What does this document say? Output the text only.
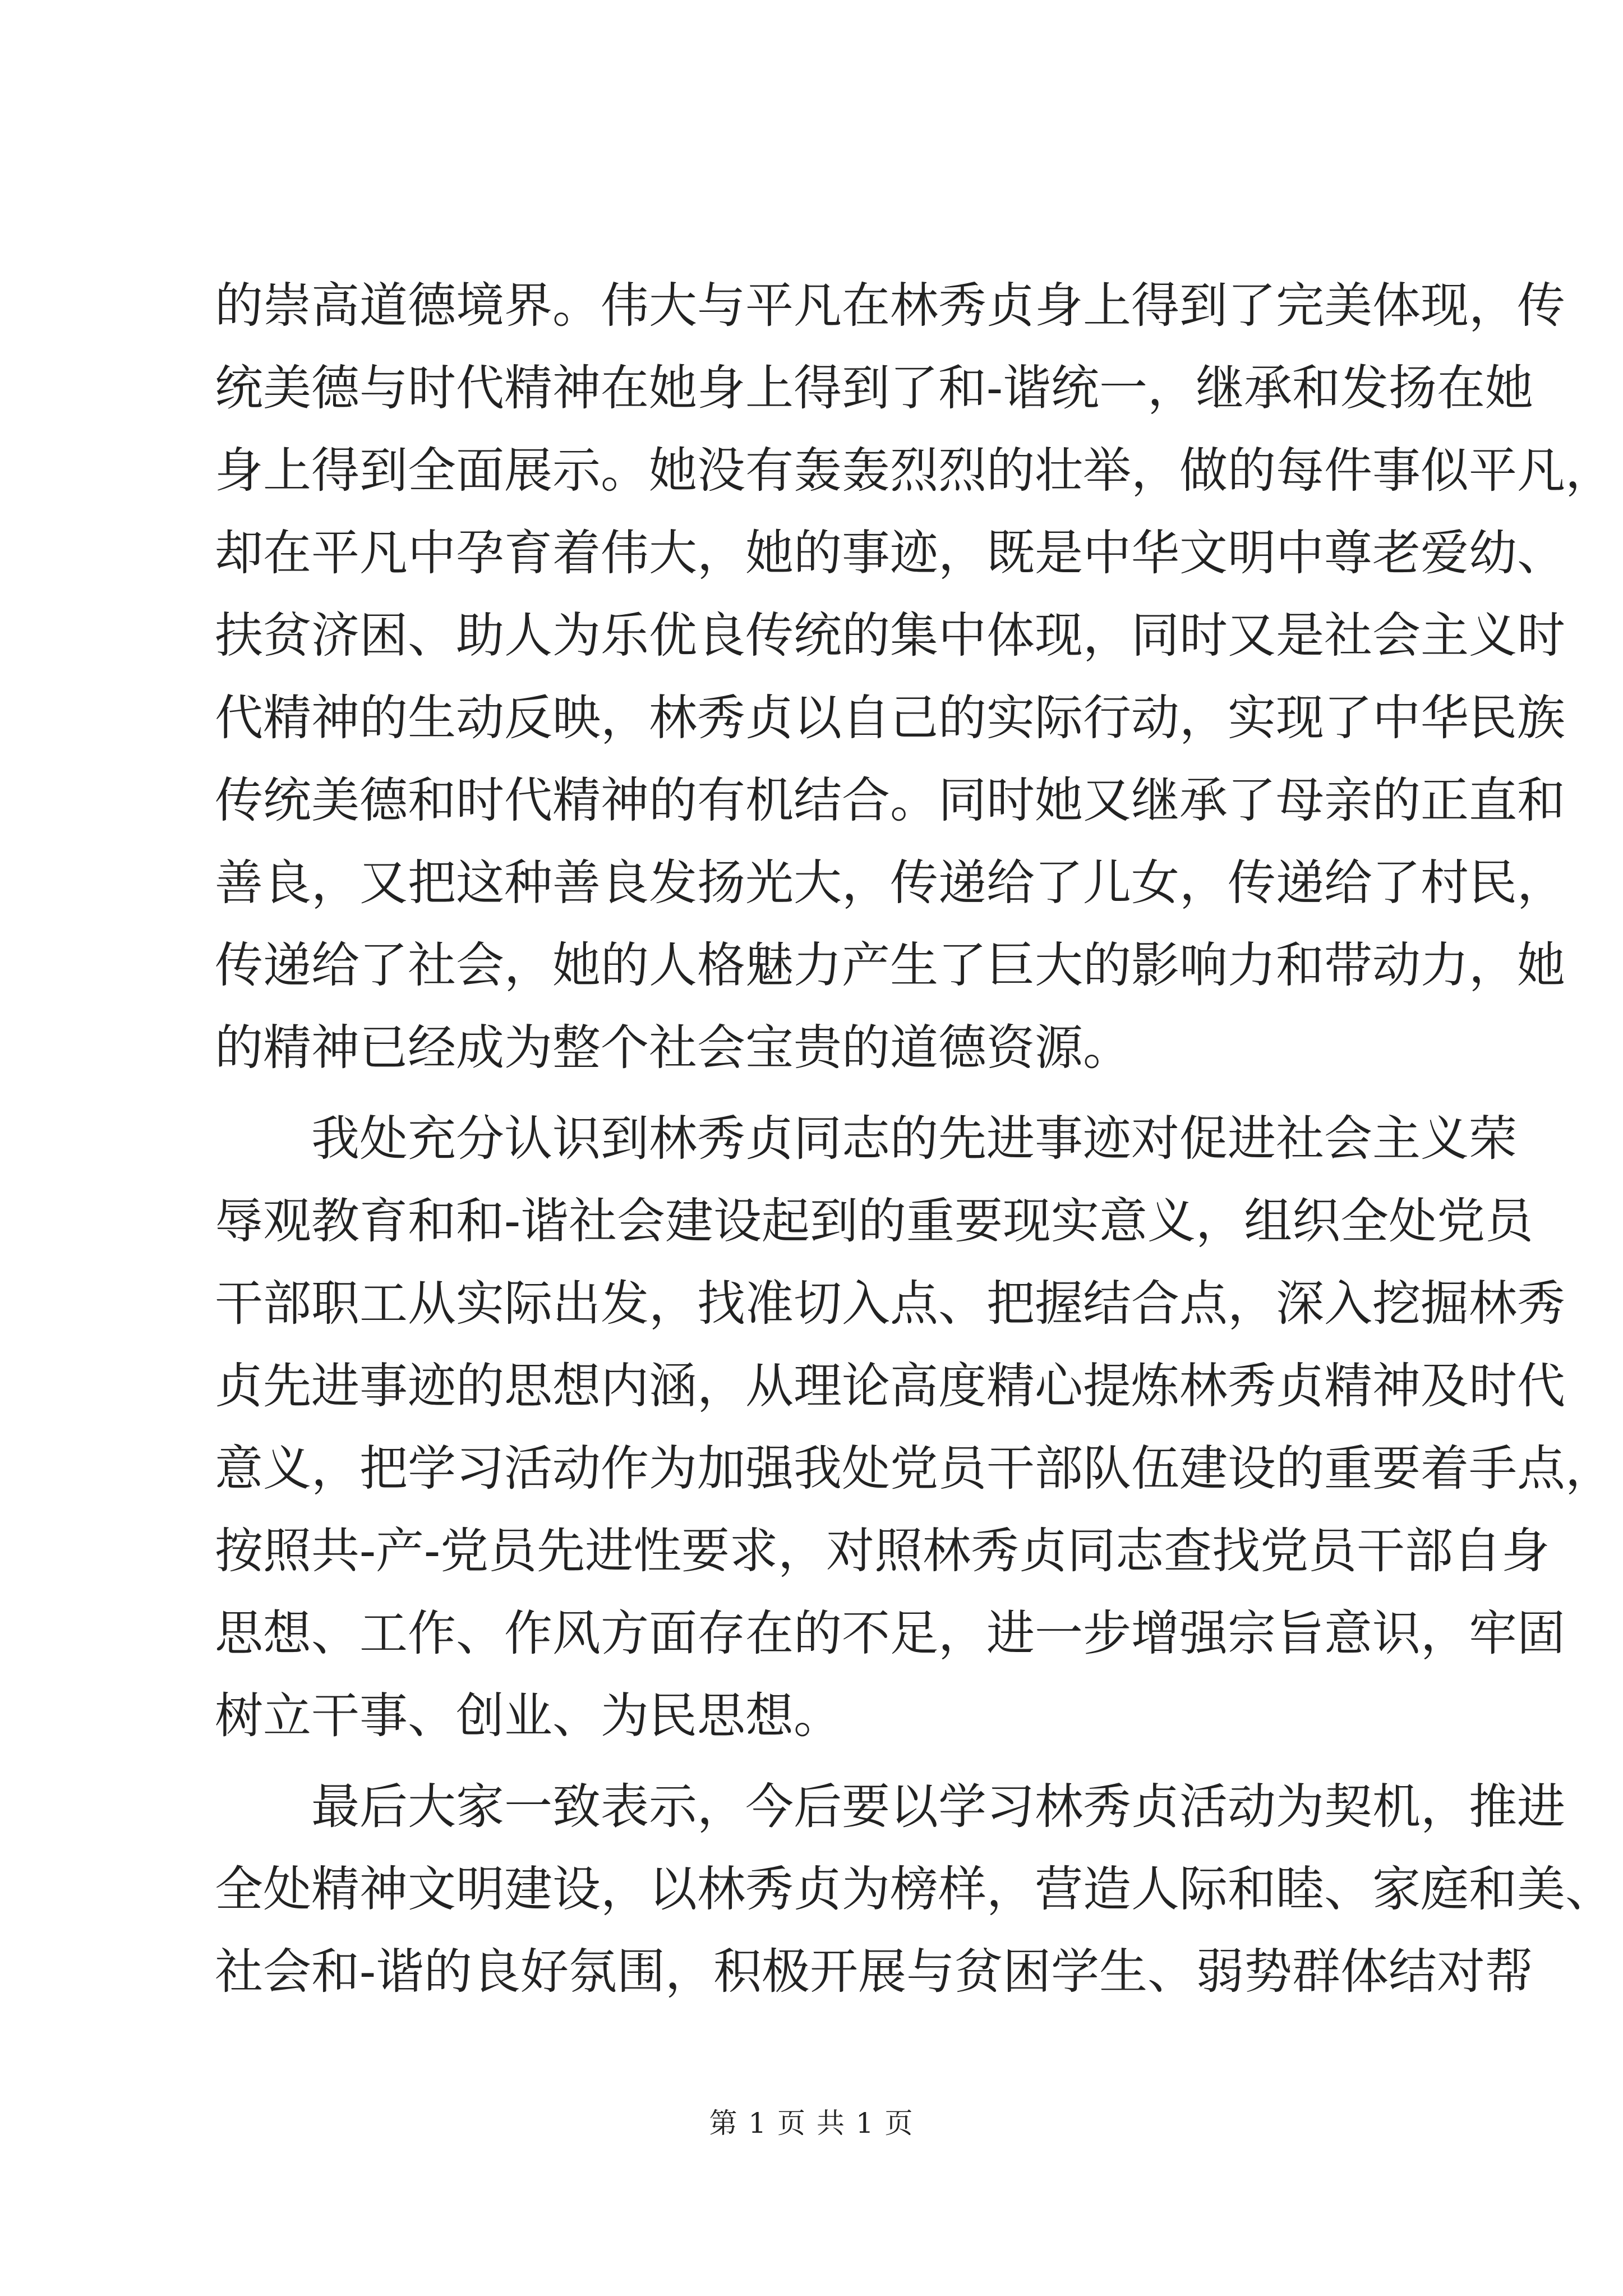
的崇高道德境界。伟大与平凡在林秀贞身上得到了完美体现，传
统美德与时代精神在她身上得到了和-谐统一，继承和发扬在她
身上得到全面展示。她没有轰轰烈烈的壮举，做的每件事似平凡，
却在平凡中孕育着伟大，她的事迹，既是中华文明中尊老爱幼、
扶贫济困、助人为乐优良传统的集中体现，同时又是社会主义时
代精神的生动反映，林秀贞以自己的实际行动，实现了中华民族
传统美德和时代精神的有机结合。同时她又继承了母亲的正直和
善良，又把这种善良发扬光大，传递给了儿女，传递给了村民，
传递给了社会，她的人格魅力产生了巨大的影响力和带动力，她
的精神已经成为整个社会宝贵的道德资源。
我处充分认识到林秀贞同志的先进事迹对促进社会主义荣
辱观教育和和-谐社会建设起到的重要现实意义，组织全处党员
干部职工从实际出发，找准切入点、把握结合点，深入挖掘林秀
贞先进事迹的思想内涵，从理论高度精心提炼林秀贞精神及时代
意义，把学习活动作为加强我处党员干部队伍建设的重要着手点，
按照共-产-党员先进性要求，对照林秀贞同志查找党员干部自身
思想、工作、作风方面存在的不足，进一步增强宗旨意识，牢固
树立干事、创业、为民思想。
最后大家一致表示，今后要以学习林秀贞活动为契机，推进
全处精神文明建设，以林秀贞为榜样，营造人际和睦、家庭和美、
社会和-谐的良好氛围，积极开展与贫困学生、弱势群体结对帮
第 1 页 共 1 页
